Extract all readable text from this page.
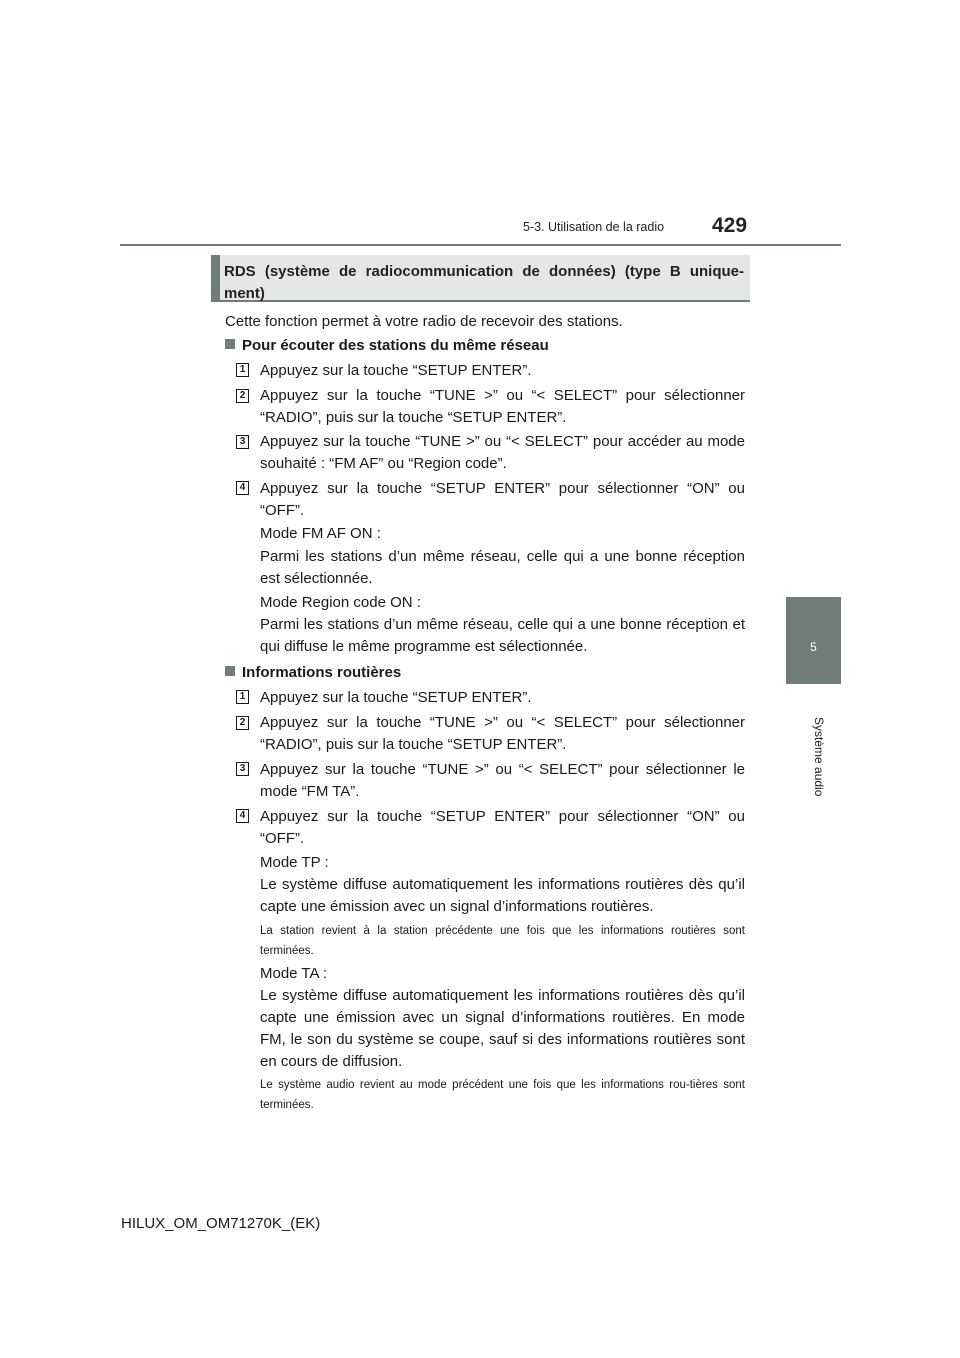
5-3. Utilisation de la radio 429
5
Système audio
RDS (système de radiocommunication de données) (type B unique-
ment)
Cette fonction permet à votre radio de recevoir des stations.
Pour écouter des stations du même réseau
1 Appuyez sur la touche “SETUP ENTER”.
2 Appuyez sur la touche “TUNE >” ou “< SELECT” pour sélectionner “RADIO”, puis sur la touche “SETUP ENTER”.
3 Appuyez sur la touche “TUNE >” ou “< SELECT” pour accéder au mode souhaité : “FM AF” ou “Region code”.
4 Appuyez sur la touche “SETUP ENTER” pour sélectionner “ON” ou “OFF”.
Mode FM AF ON :
Parmi les stations d’un même réseau, celle qui a une bonne réception est sélectionnée.
Mode Region code ON :
Parmi les stations d’un même réseau, celle qui a une bonne réception et qui diffuse le même programme est sélectionnée.
Informations routières
1 Appuyez sur la touche “SETUP ENTER”.
2 Appuyez sur la touche “TUNE >” ou “< SELECT” pour sélectionner “RADIO”, puis sur la touche “SETUP ENTER”.
3 Appuyez sur la touche “TUNE >” ou “< SELECT” pour sélectionner le mode “FM TA”.
4 Appuyez sur la touche “SETUP ENTER” pour sélectionner “ON” ou “OFF”.
Mode TP :
Le système diffuse automatiquement les informations routières dès qu’il capte une émission avec un signal d’informations routières.
La station revient à la station précédente une fois que les informations routières sont terminées.
Mode TA :
Le système diffuse automatiquement les informations routières dès qu’il capte une émission avec un signal d’informations routières. En mode FM, le son du système se coupe, sauf si des informations routières sont en cours de diffusion.
Le système audio revient au mode précédent une fois que les informations rou-tières sont terminées.
HILUX_OM_OM71270K_(EK)
